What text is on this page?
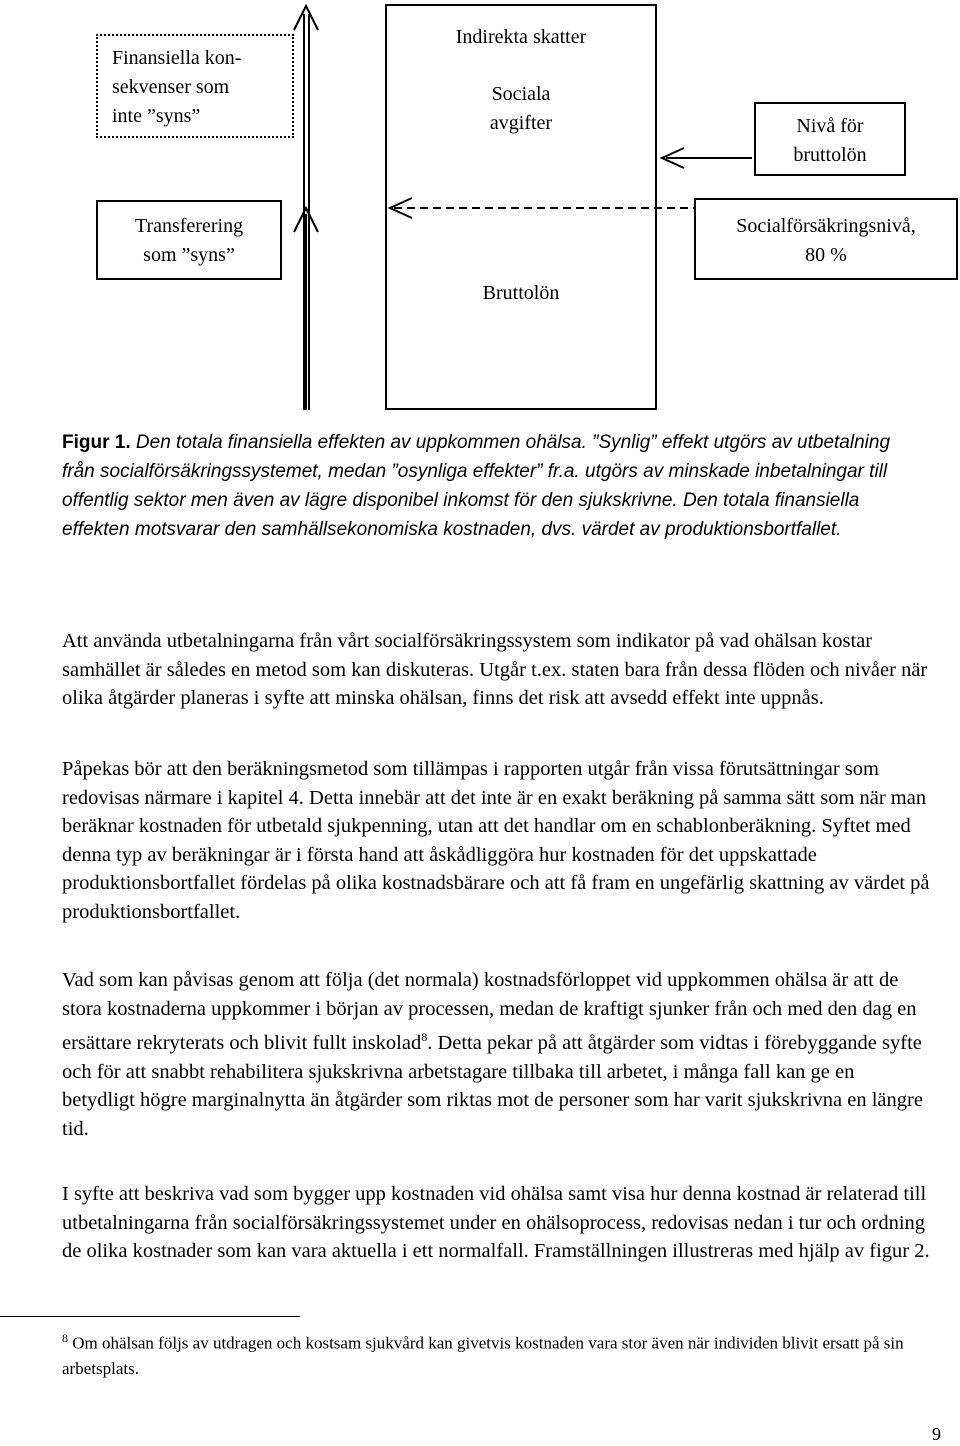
Finansiella kon-
sekvenser som
inte ”syns”
Transferering
som ”syns”
Indirekta skatter
Sociala
avgifter
Bruttolön
Nivå för
bruttolön
Socialförsäkringsnivå,
80 %
Figur 1. Den totala finansiella effekten av uppkommen ohälsa. ”Synlig” effekt utgörs av utbetalning från socialförsäkringssystemet, medan ”osynliga effekter” fr.a. utgörs av minskade inbetalningar till offentlig sektor men även av lägre disponibel inkomst för den sjukskrivne. Den totala finansiella effekten motsvarar den samhällsekonomiska kostnaden, dvs. värdet av produktionsbortfallet.

Att använda utbetalningarna från vårt socialförsäkringssystem som indikator på vad ohälsan kostar samhället är således en metod som kan diskuteras. Utgår t.ex. staten bara från dessa flöden och nivåer när olika åtgärder planeras i syfte att minska ohälsan, finns det risk att avsedd effekt inte uppnås.

Påpekas bör att den beräkningsmetod som tillämpas i rapporten utgår från vissa förutsättningar som redovisas närmare i kapitel 4. Detta innebär att det inte är en exakt beräkning på samma sätt som när man beräknar kostnaden för utbetald sjukpenning, utan att det handlar om en schablonberäkning. Syftet med denna typ av beräkningar är i första hand att åskådliggöra hur kostnaden för det uppskattade produktionsbortfallet fördelas på olika kostnadsbärare och att få fram en ungefärlig skattning av värdet på produktionsbortfallet.

Vad som kan påvisas genom att följa (det normala) kostnadsförloppet vid uppkommen ohälsa är att de stora kostnaderna uppkommer i början av processen, medan de kraftigt sjunker från och med den dag en ersättare rekryterats och blivit fullt inskolad$^8$. Detta pekar på att åtgärder som vidtas i förebyggande syfte och för att snabbt rehabilitera sjukskrivna arbetstagare tillbaka till arbetet, i många fall kan ge en betydligt högre marginalnytta än åtgärder som riktas mot de personer som har varit sjukskrivna en längre tid.

I syfte att beskriva vad som bygger upp kostnaden vid ohälsa samt visa hur denna kostnad är relaterad till utbetalningarna från socialförsäkringssystemet under en ohälsoprocess, redovisas nedan i tur och ordning de olika kostnader som kan vara aktuella i ett normalfall. Framställningen illustreras med hjälp av figur 2.

$^8$ Om ohälsan följs av utdragen och kostsam sjukvård kan givetvis kostnaden vara stor även när individen blivit ersatt på sin arbetsplats.
9
